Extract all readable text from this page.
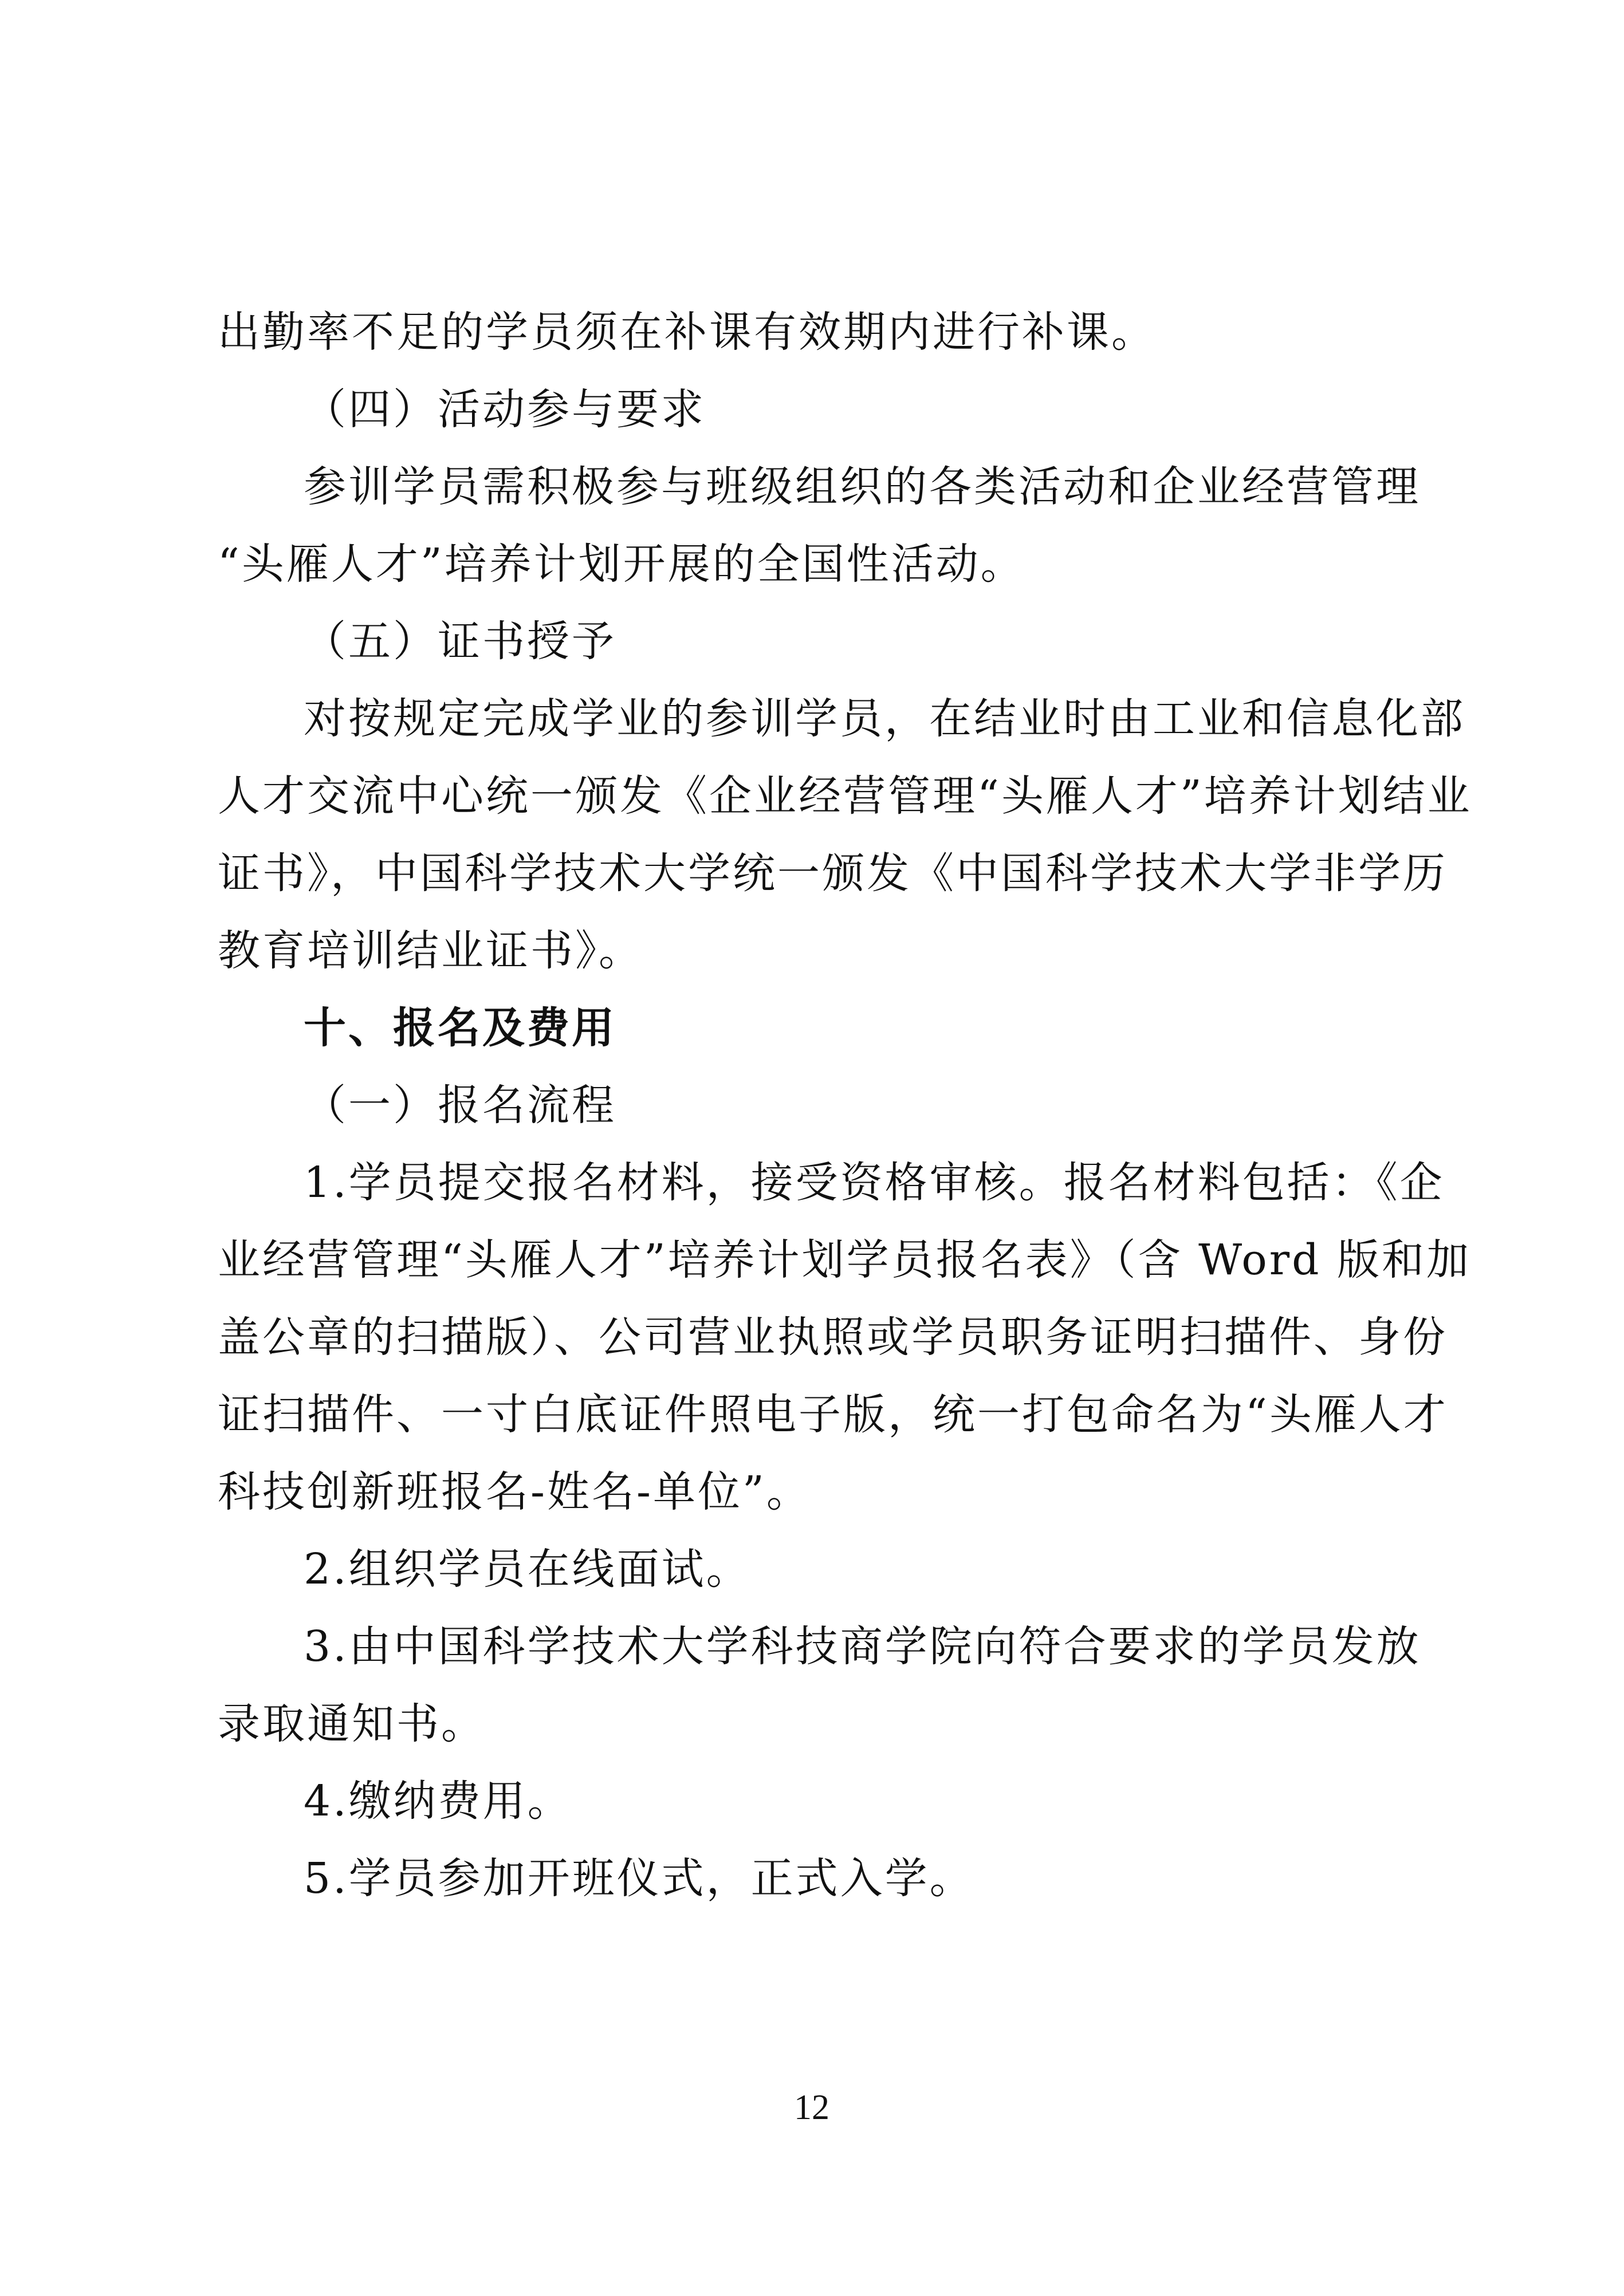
出勤率不足的学员须在补课有效期内进行补课。
（四）活动参与要求
参训学员需积极参与班级组织的各类活动和企业经营管理
“头雁人才”培养计划开展的全国性活动。
（五）证书授予
对按规定完成学业的参训学员，在结业时由工业和信息化部
人才交流中心统一颁发《企业经营管理“头雁人才”培养计划结业
证书》，中国科学技术大学统一颁发《中国科学技术大学非学历
教育培训结业证书》。
十、报名及费用
（一）报名流程
1.学员提交报名材料，接受资格审核。报名材料包括：《企
业经营管理“头雁人才”培养计划学员报名表》（含 Word 版和加
盖公章的扫描版）、公司营业执照或学员职务证明扫描件、身份
证扫描件、一寸白底证件照电子版，统一打包命名为“头雁人才
科技创新班报名-姓名-单位”。
2.组织学员在线面试。
3.由中国科学技术大学科技商学院向符合要求的学员发放
录取通知书。
4.缴纳费用。
5.学员参加开班仪式，正式入学。
12
